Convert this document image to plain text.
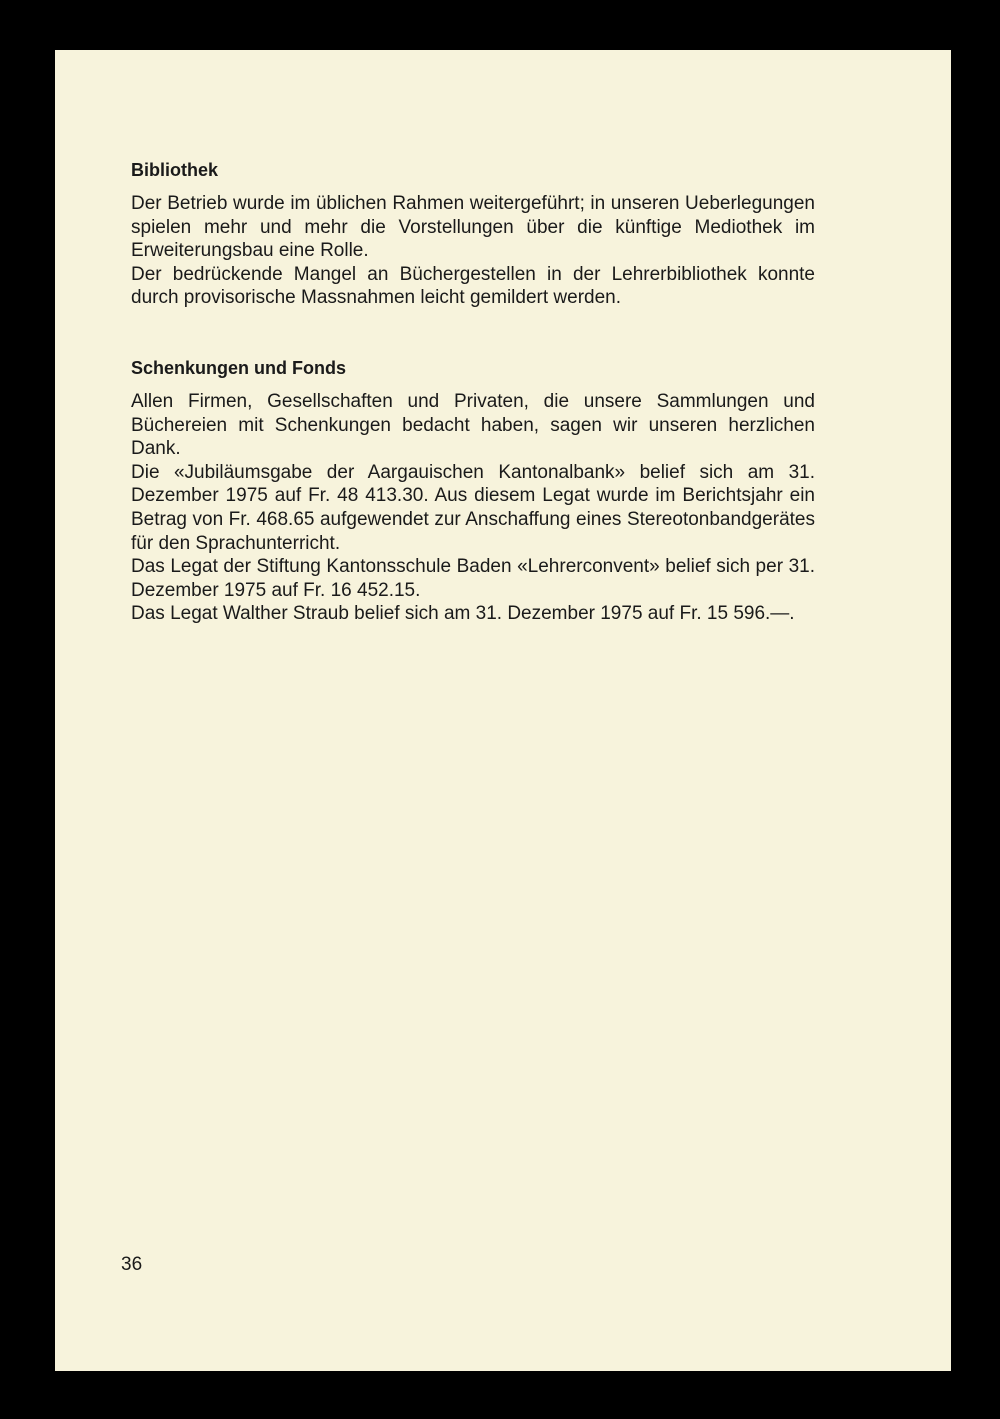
Bibliothek

Der Betrieb wurde im üblichen Rahmen weitergeführt; in unseren Ueberlegungen spielen mehr und mehr die Vorstellungen über die künftige Mediothek im Erweiterungsbau eine Rolle.

Der bedrückende Mangel an Büchergestellen in der Lehrerbibliothek konnte durch provisorische Massnahmen leicht gemildert werden.

Schenkungen und Fonds

Allen Firmen, Gesellschaften und Privaten, die unsere Sammlungen und Büchereien mit Schenkungen bedacht haben, sagen wir unseren herzlichen Dank.

Die «Jubiläumsgabe der Aargauischen Kantonalbank» belief sich am 31. Dezember 1975 auf Fr. 48 413.30. Aus diesem Legat wurde im Berichtsjahr ein Betrag von Fr. 468.65 aufgewendet zur Anschaffung eines Stereotonbandgerätes für den Sprachunterricht.

Das Legat der Stiftung Kantonsschule Baden «Lehrerconvent» belief sich per 31. Dezember 1975 auf Fr. 16 452.15.

Das Legat Walther Straub belief sich am 31. Dezember 1975 auf Fr. 15 596.—.

36
